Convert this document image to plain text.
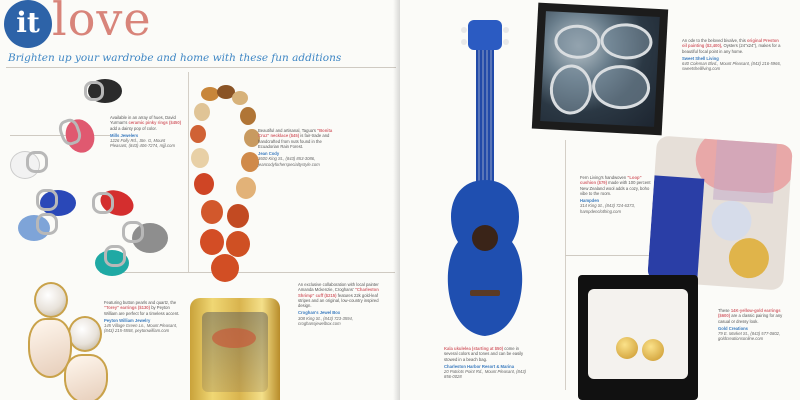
it love
Brighten up your wardrobe and home with these fun additions
Available in an array of hues, David Yurman's ceramic pinky rings ($450) add a dainty pop of color.
Mills Jewelers
1226 Folly Rd., Ste. G, Mount Pleasant, (843) 406-7274, mjjl.com
Beautiful and artisanal, Tagua's "Bonita Cruz" necklace ($45) is fair-trade and handcrafted from nuts found in the Ecuadorian Rain Forest.
Jean Cody
3600 King St., (843) 853-3086, jeancodyforherspecialtystyle.com
Featuring button pearls and quartz, the "Torey" earrings ($130) by Peyton William are perfect for a timeless accent.
Peyton William Jewelry
145 Village Green Ln., Mount Pleasant, (843) 215-5558, peytonwilliam.com
An exclusive collaboration with local painter Amanda Mckenzie, Croghans' "Charleston Shrimp" cuff ($215) features 22k gold-leaf stripes and an original, low-country inspired design.
Croghan's Jewel Box
308 King St., (843) 723-3594, croghansjewelbox.com
Kala ukulelea (starting at $50) come in several colors and tones and can be easily stowed in a beach bag.
Charleston Harbor Resort & Marina
20 Patriots Point Rd., Mount Pleasant, (843) 856-0028
An ode to the beloved bivalve, this original Preston oil painting ($2,400), Oysters (24"x24"), makes for a beautiful focal point in any home.
Sweet Shell Living
640 Coleman Blvd., Mount Pleasant, (843) 216-5966, sweetshellliving.com
Fern Living's handwoven "Loop" cushion ($79) made with 100 percent New Zealand wool adds a cozy, boho vibe to the room.
Hampden
314 King St., (843) 724-6373, hampdenclothing.com
These 14K-yellow-gold earrings ($600) are a classic pairing for any casual or dressy look.
Gold Creations
79 E. Market St., (843) 577-0802, goldcreationsonline.com
